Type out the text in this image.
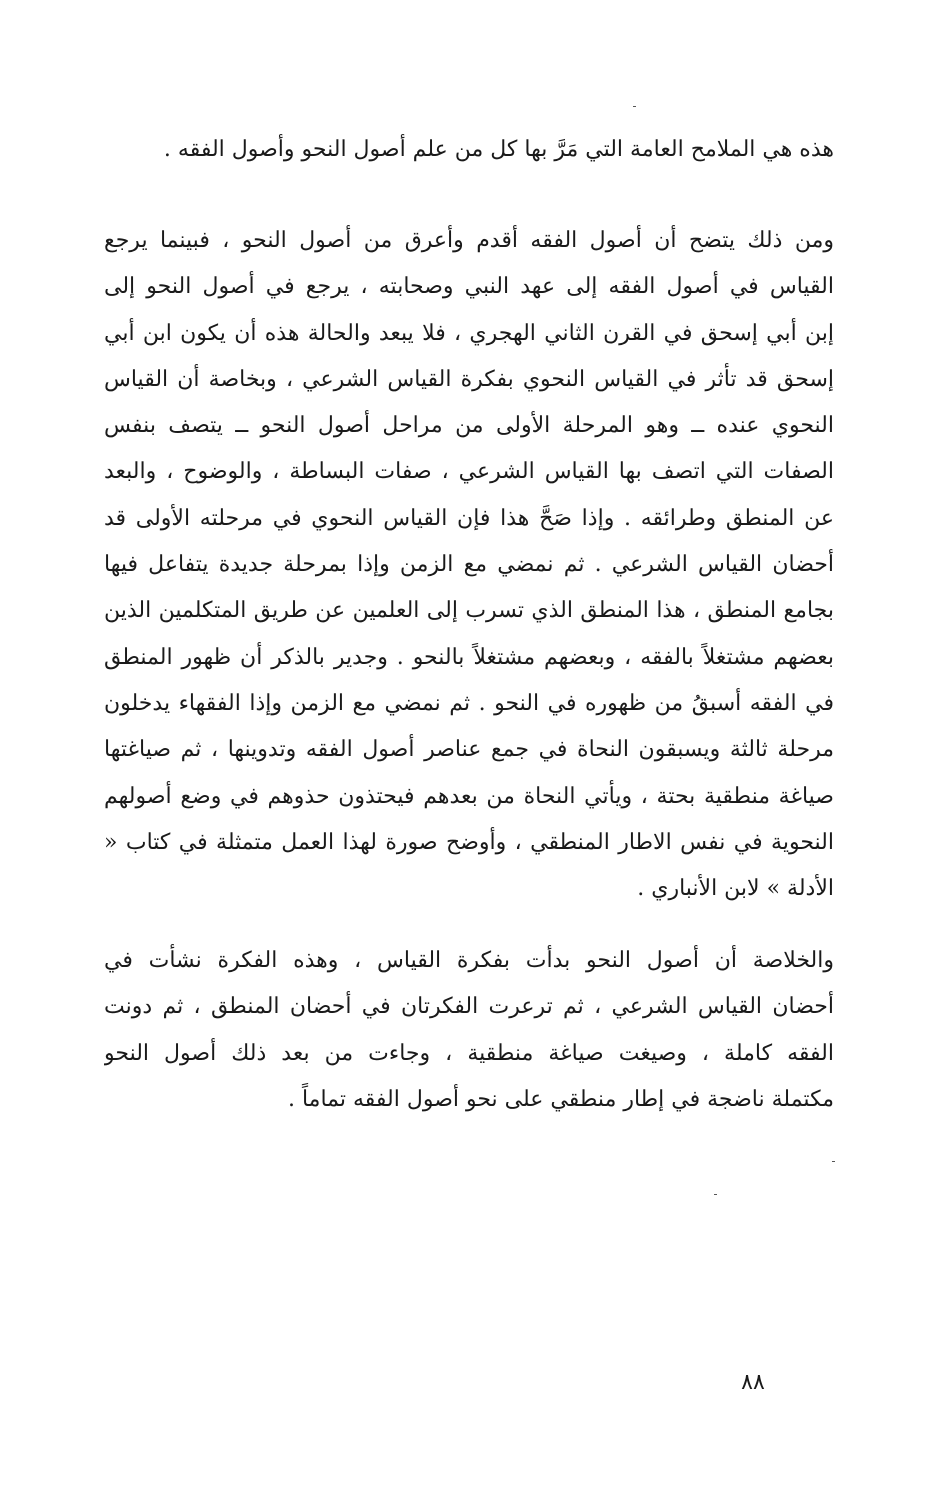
هذه هي الملامح العامة التي مَرَّ بها كل من علم أصول النحو وأصول الفقه .
ومن ذلك يتضح أن أصول الفقه أقدم وأعرق من أصول النحو ، فبينما يرجع
القياس في أصول الفقه إلى عهد النبي وصحابته ، يرجع في أصول النحو إلى
إبن أبي إسحق في القرن الثاني الهجري ، فلا يبعد والحالة هذه أن يكون ابن أبي
إسحق قد تأثر في القياس النحوي بفكرة القياس الشرعي ، وبخاصة أن القياس
النحوي عنده ــ وهو المرحلة الأولى من مراحل أصول النحو ــ يتصف بنفس
الصفات التي اتصف بها القياس الشرعي ، صفات البساطة ، والوضوح ، والبعد
عن المنطق وطرائقه . وإذا صَحَّ هذا فإن القياس النحوي في مرحلته الأولى قد
أحضان القياس الشرعي . ثم نمضي مع الزمن وإذا بمرحلة جديدة يتفاعل فيها
بجامع المنطق ، هذا المنطق الذي تسرب إلى العلمين عن طريق المتكلمين الذين
بعضهم مشتغلاً بالفقه ، وبعضهم مشتغلاً بالنحو . وجدير بالذكر أن ظهور المنطق
في الفقه أسبقُ من ظهوره في النحو . ثم نمضي مع الزمن وإذا الفقهاء يدخلون
مرحلة ثالثة ويسبقون النحاة في جمع عناصر أصول الفقه وتدوينها ، ثم صياغتها
صياغة منطقية بحتة ، ويأتي النحاة من بعدهم فيحتذون حذوهم في وضع أصولهم
النحوية في نفس الاطار المنطقي ، وأوضح صورة لهذا العمل متمثلة في كتاب «
الأدلة » لابن الأنباري .
والخلاصة أن أصول النحو بدأت بفكرة القياس ، وهذه الفكرة نشأت في
أحضان القياس الشرعي ، ثم ترعرت الفكرتان في أحضان المنطق ، ثم دونت
الفقه كاملة ، وصيغت صياغة منطقية ، وجاءت من بعد ذلك أصول النحو
مكتملة ناضجة في إطار منطقي على نحو أصول الفقه تماماً .
٨٨
